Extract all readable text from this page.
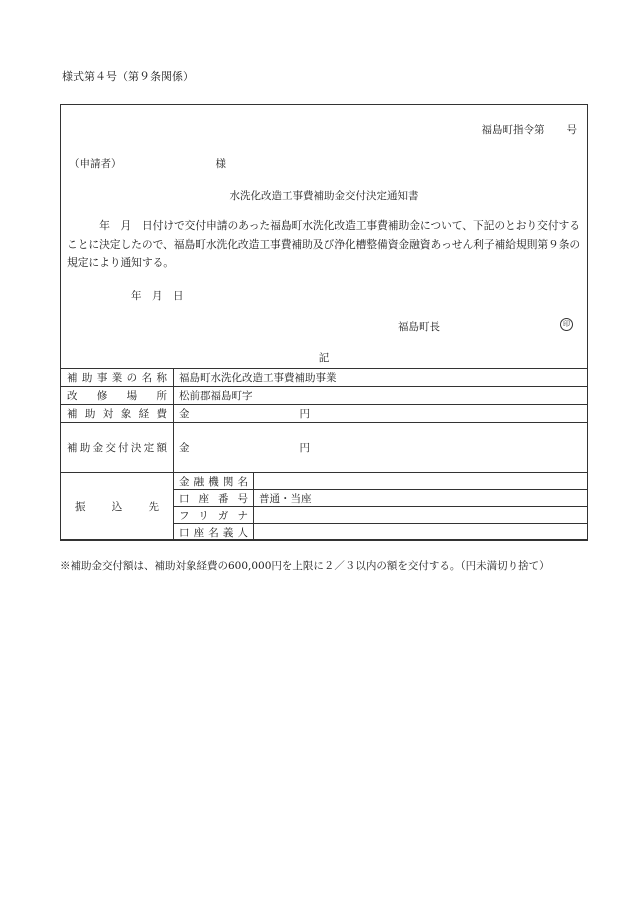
様式第４号（第９条関係）
福島町指令第 号
（申請者）	様
水洗化改造工事費補助金交付決定通知書
　　　年　月　日付けで交付申請のあった福島町水洗化改造工事費補助金について、下記のとおり交付することに決定したので、福島町水洗化改造工事費補助及び浄化槽整備資金融資あっせん利子補給規則第９条の規定により通知する。
年　月　日
福島町長	印
記
補助事業の名称	福島町水洗化改造工事費補助事業	
改修場所	松前郡福島町字	
補助対象経費	金 円	
補助金交付決定額	金 円	
振込先	金融機関名	
	口座番号	普通・当座
	フリガナ	
	口座名義人	
※補助金交付額は、補助対象経費の600,000円を上限に２／３以内の額を交付する。（円未満切り捨て）
